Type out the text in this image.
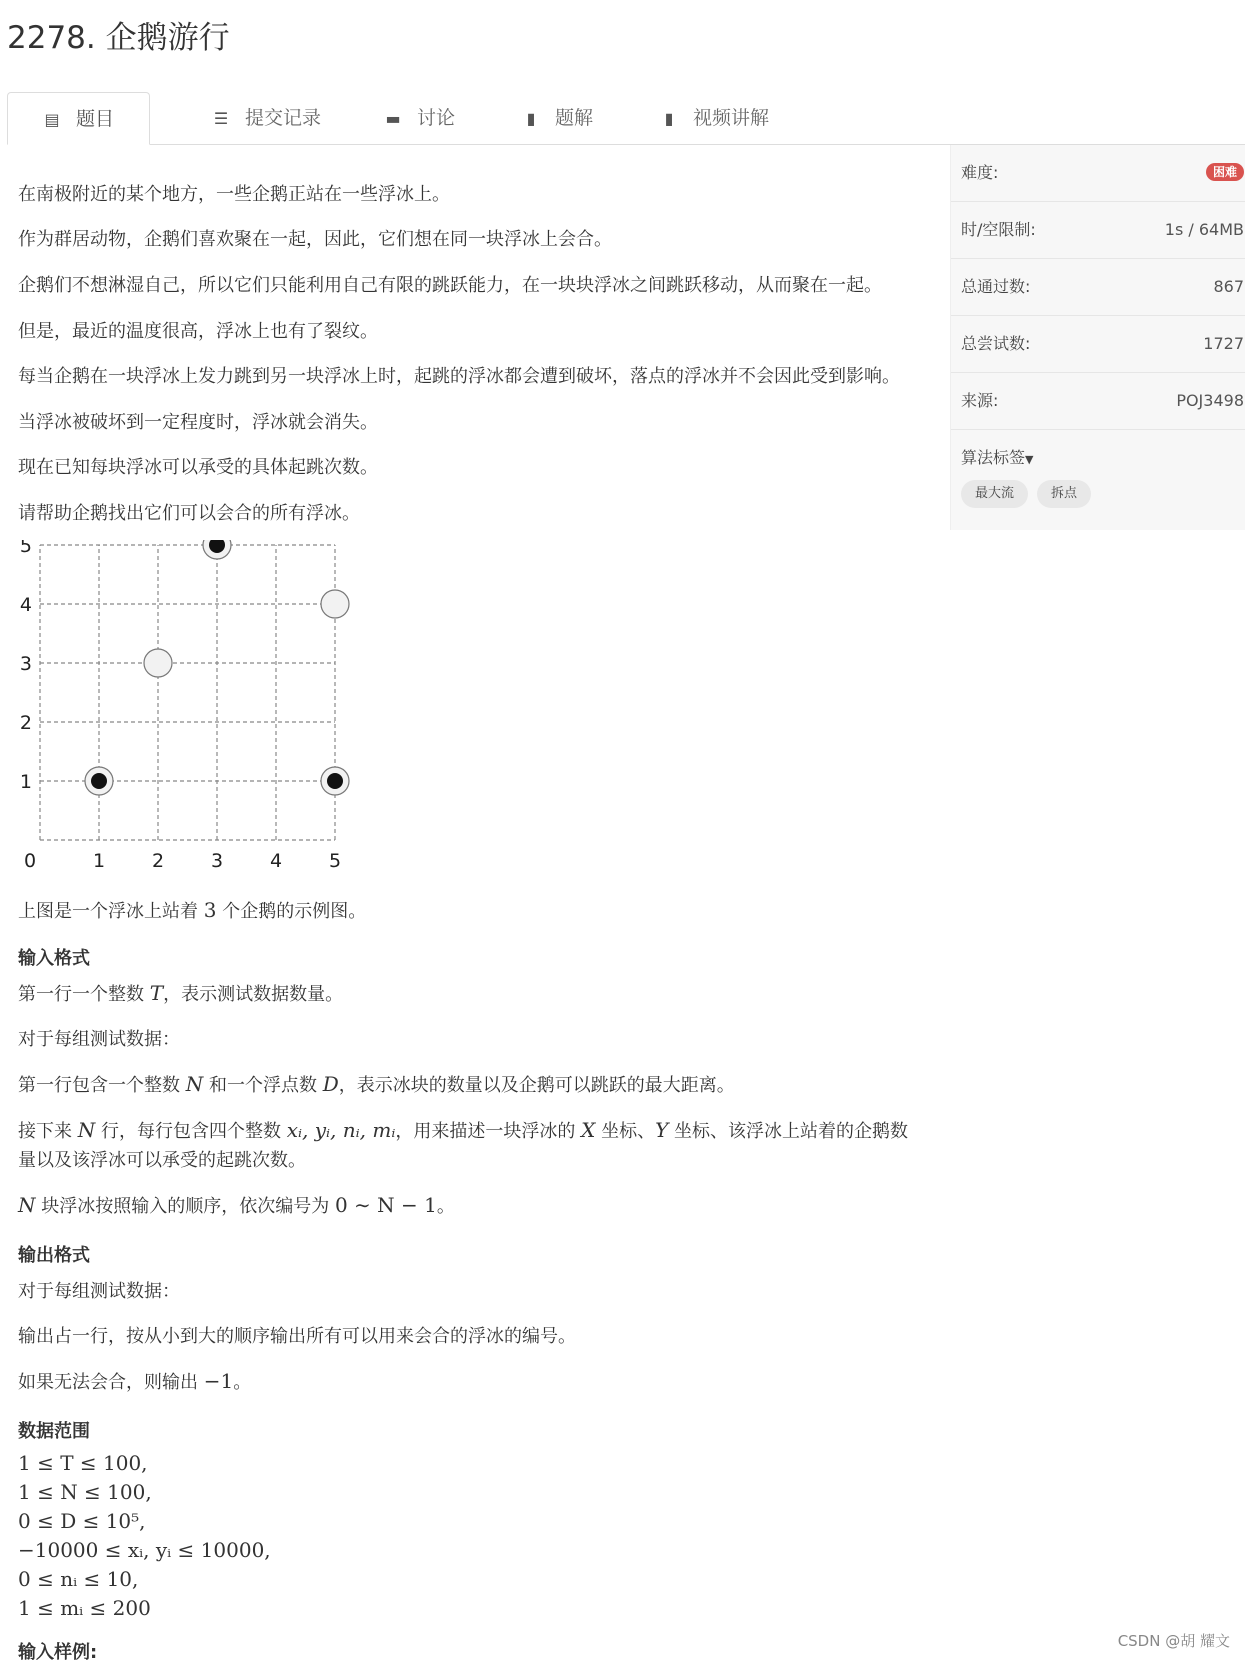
2278. 企鹅游行
▤ 题目	☰ 提交记录	▬ 讨论	▮ 题解	▮ 视频讲解
难度:	困难
时/空限制:	1s / 64MB
总通过数:	867
总尝试数:	1727
来源:	POJ3498
算法标签▼
最大流	拆点
在南极附近的某个地方，一些企鹅正站在一些浮冰上。
作为群居动物，企鹅们喜欢聚在一起，因此，它们想在同一块浮冰上会合。
企鹅们不想淋湿自己，所以它们只能利用自己有限的跳跃能力，在一块块浮冰之间跳跃移动，从而聚在一起。
但是，最近的温度很高，浮冰上也有了裂纹。
每当企鹅在一块浮冰上发力跳到另一块浮冰上时，起跳的浮冰都会遭到破坏，落点的浮冰并不会因此受到影响。
当浮冰被破坏到一定程度时，浮冰就会消失。
现在已知每块浮冰可以承受的具体起跳次数。
请帮助企鹅找出它们可以会合的所有浮冰。
上图是一个浮冰上站着 3 个企鹅的示例图。
输入格式
第一行一个整数 T，表示测试数据数量。
对于每组测试数据：
第一行包含一个整数 N 和一个浮点数 D，表示冰块的数量以及企鹅可以跳跃的最大距离。
接下来 N 行，每行包含四个整数 xᵢ, yᵢ, nᵢ, mᵢ，用来描述一块浮冰的 X 坐标、Y 坐标、该浮冰上站着的企鹅数
量以及该浮冰可以承受的起跳次数。
N 块浮冰按照输入的顺序，依次编号为 0 ∼ N − 1。
输出格式
对于每组测试数据：
输出占一行，按从小到大的顺序输出所有可以用来会合的浮冰的编号。
如果无法会合，则输出 −1。
数据范围
1 ≤ T ≤ 100,
1 ≤ N ≤ 100,
0 ≤ D ≤ 10⁵,
−10000 ≤ xᵢ, yᵢ ≤ 10000,
0 ≤ nᵢ ≤ 10,
1 ≤ mᵢ ≤ 200
输入样例:
0	1 2 3 4 5
1
2
3
4
5
CSDN @胡 耀文
